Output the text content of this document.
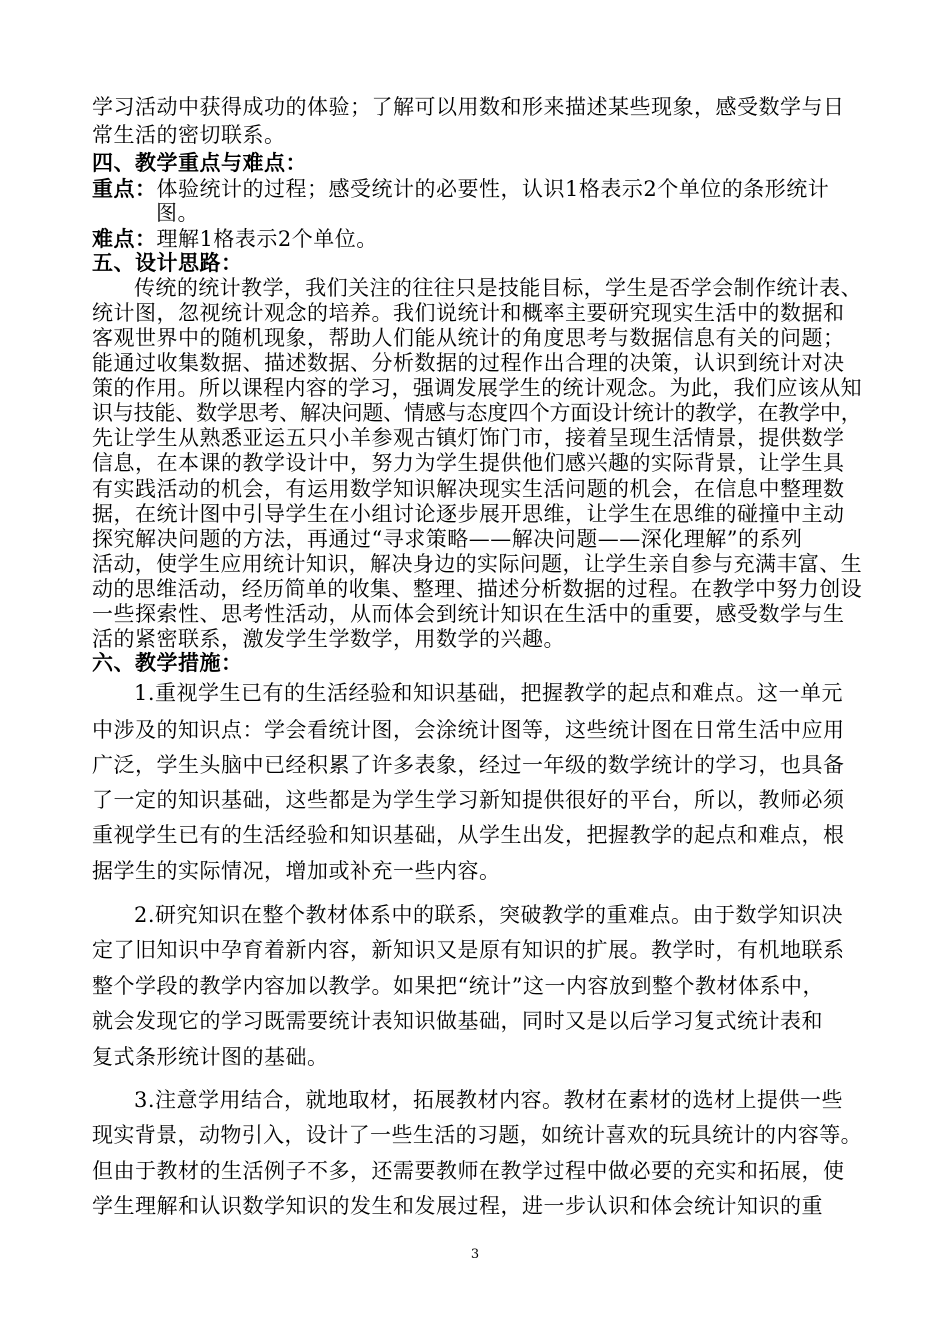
学习活动中获得成功的体验；了解可以用数和形来描述某些现象，感受数学与日
常生活的密切联系。
四、教学重点与难点：
重点：体验统计的过程；感受统计的必要性，认识1格表示2个单位的条形统计
图。
难点：理解1格表示2个单位。
五、设计思路：
传统的统计教学，我们关注的往往只是技能目标，学生是否学会制作统计表、
统计图，忽视统计观念的培养。我们说统计和概率主要研究现实生活中的数据和
客观世界中的随机现象，帮助人们能从统计的角度思考与数据信息有关的问题；
能通过收集数据、描述数据、分析数据的过程作出合理的决策，认识到统计对决
策的作用。所以课程内容的学习，强调发展学生的统计观念。为此，我们应该从知
识与技能、数学思考、解决问题、情感与态度四个方面设计统计的教学，在教学中，
先让学生从熟悉亚运五只小羊参观古镇灯饰门市，接着呈现生活情景，提供数学
信息，在本课的教学设计中，努力为学生提供他们感兴趣的实际背景，让学生具
有实践活动的机会，有运用数学知识解决现实生活问题的机会，在信息中整理数
据，在统计图中引导学生在小组讨论逐步展开思维，让学生在思维的碰撞中主动
探究解决问题的方法，再通过“寻求策略——解决问题——深化理解”的系列
活动，使学生应用统计知识，解决身边的实际问题，让学生亲自参与充满丰富、生
动的思维活动，经历简单的收集、整理、描述分析数据的过程。在教学中努力创设
一些探索性、思考性活动，从而体会到统计知识在生活中的重要，感受数学与生
活的紧密联系，激发学生学数学，用数学的兴趣。
六、教学措施：
1.重视学生已有的生活经验和知识基础，把握教学的起点和难点。这一单元
中涉及的知识点：学会看统计图，会涂统计图等，这些统计图在日常生活中应用
广泛，学生头脑中已经积累了许多表象，经过一年级的数学统计的学习，也具备
了一定的知识基础，这些都是为学生学习新知提供很好的平台，所以，教师必须
重视学生已有的生活经验和知识基础，从学生出发，把握教学的起点和难点，根
据学生的实际情况，增加或补充一些内容。
2.研究知识在整个教材体系中的联系，突破教学的重难点。由于数学知识决
定了旧知识中孕育着新内容，新知识又是原有知识的扩展。教学时，有机地联系
整个学段的教学内容加以教学。如果把“统计”这一内容放到整个教材体系中，
就会发现它的学习既需要统计表知识做基础，同时又是以后学习复式统计表和
复式条形统计图的基础。
3.注意学用结合，就地取材，拓展教材内容。教材在素材的选材上提供一些
现实背景，动物引入，设计了一些生活的习题，如统计喜欢的玩具统计的内容等。
但由于教材的生活例子不多，还需要教师在教学过程中做必要的充实和拓展，使
学生理解和认识数学知识的发生和发展过程，进一步认识和体会统计知识的重
3
